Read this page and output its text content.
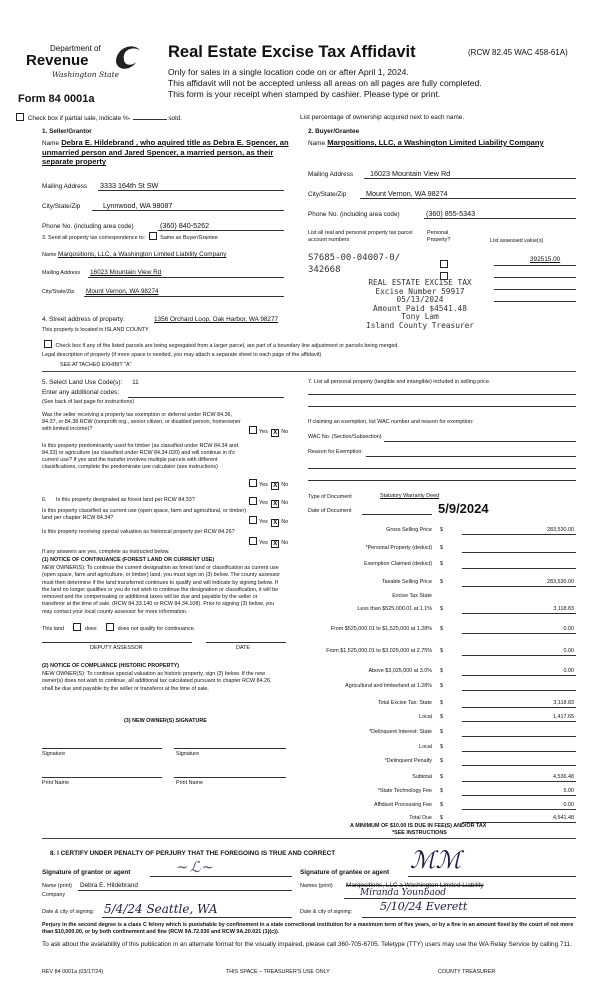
Department of
Revenue
Washington State
Form 84 0001a
Real Estate Excise Tax Affidavit	(RCW 82.45 WAC 458-61A)
Only for sales in a single location code on or after April 1, 2024.
This affidavit will not be accepted unless all areas on all pages are fully completed.
This form is your receipt when stamped by cashier. Please type or print.
Check box if partial sale, indicate %-	sold.	List percentage of ownership acquired next to each name.
1. Seller/Grantor
Name Debra E. Hildebrand , who aquired title as Debra E. Spencer, an unmarried person and Jared Spencer, a married person, as their separate property
Mailing Address 3333 164th St SW
City/State/Zip	Lynnwood, WA 98087
Phone No. (including area code)	(360) 840-5262
2. Buyer/Grantee
Name Marqositions, LLC, a Washington Limited Liability Company
Mailing Address 16023 Mountain View Rd
City/State/Zip	Mount Vernon, WA 98274
Phone No. (including area code)	(360) 855-5343
3. Send all property tax correspondence to:	Same as Buyer/Grantee
Name Marqositions, LLC, a Washington Limited Liability Company
Mailing Address 16023 Mountain View Rd
City/State/Zip Mount Vernon, WA 98274
List all real and personal property tax parcel account numbers
Personal Property?	List assessed value(s)
S7685-00-04007-0/
342668
392515.00
REAL ESTATE EXCISE TAX
Excise Number 59917
05/13/2024
Amount Paid $4541.48
Tony Lam
Island County Treasurer
4. Street address of property:	1356 Orchard Loop, Oak Harbor, WA 98277
This property is located in ISLAND COUNTY
Check box if any of the listed parcels are being segregated from a larger parcel, are part of a boundary line adjustment or parcels being merged.
Legal description of property (if more space is needed, you may attach a separate sheet to each page of the affidavit)
SEE ATTACHED EXHIBIT "A"
5. Select Land Use Code(s): 11
Enter any additional codes:
(See back of last page for instructions)
Was the seller receiving a property tax exemption or deferral under RCW 84.36, 84.37, or 84.38 RCW (nonprofit org., senior citizen, or disabled person, homeowner with limited income)?	Yes X No
Is this property predominantly used for timber (as classified under RCW 84.34 and 84.33) or agriculture (as classified under RCW 84.34.020) and will continue in it's current use? If yes and the transfer involves multiple parcels with different classifications, complete the predominate use calculator (see instructions)
Yes X No
6. Is this property designated as forest land per RCW 84.33?	Yes X No
Is this property classified as current use (open space, farm and agricultural, or timber) land per chapter RCW 84.34?
Yes X No
Is this property receiving special valuation as historical property per RCW 84.26?
Yes X No
If any answers are yes, complete as instructed below.
(1) NOTICE OF CONTINUANCE (FOREST LAND OR CURRENT USE)
NEW OWNER(S): To continue the current designation as forest land or classification as current use (open space, farm and agriculture, or timber) land, you must sign on (3) below. The county assessor must then determine if the land transferred continues to qualify and will indicate by signing below. If the land no longer qualifies or you do not wish to continue the designation or classification, it will be removed and the compensating or additional taxes will be due and payable by the seller or transferor at the time of sale. (RCW 84.33.140 or RCW 84.34.108). Prior to signing (3) below, you may contact your local county assessor for more information.
This land	does	does not qualify for continuance.
DEPUTY ASSESSOR	DATE
(2) NOTICE OF COMPLIANCE (HISTORIC PROPERTY)
NEW OWNER(S): To continue special valuation as historic property, sign (3) below. If the new owner(s) does not wish to continue, all additional tax calculated pursuant to chapter RCW 84.26, shall be due and payable by the seller or transferor at the time of sale.
(3) NEW OWNER(S) SIGNATURE
Signature	Signature
Print Name	Print Name
7. List all personal property (tangible and intangible) included in selling price.
If claiming an exemption, list WAC number and reason for exemption:
WAC No. (Section/Subsection)
Reason for Exemption:
Type of Document	Statutory Warranty Deed
Date of Document	5/9/2024
Gross Selling Price $	283,530.00
*Personal Property (deduct) $
Exemption Claimed (deduct) $
Taxable Selling Price $	283,530.00
Excise Tax State
Less than $525,000.01 at 1.1% $	3,118.83
From $525,000.01 to $1,525,000 at 1.28% $	0.00
From $1,525,000.01 to $3,025,000 at 2.75% $	0.00
Above $3,025,000 at 3.0% $	0.00
Agricultural and timberland at 1.28% $
Total Excise Tax: State $	3,118.83
Local $	1,417.65
*Delinquent Interest: State $
Local $
*Delinquent Penalty $
Subtotal $	4,536.48
*State Technology Fee $	5.00
Affidavit Processing Fee $	0.00
Total Due $	4,541.48
A MINIMUM OF $10.00 IS DUE IN FEE(S) AND/OR TAX
*SEE INSTRUCTIONS
8. I CERTIFY UNDER PENALTY OF PERJURY THAT THE FOREGOING IS TRUE AND CORRECT
Signature of grantor or agent	∼ℒ∼	Signature of grantee or agent ℳℳ
Name (print) Debra E. Hildebrand
Company
Names (print) Marqositions, LLC a Washington Limited Liability
Miranda Younbaod
Date & city of signing: 5/4/24 Seattle, WA	Date & city of signing:	5/10/24 Everett
Perjury in the second degree is a class C felony which is punishable by confinement in a state correctional institution for a maximum term of five years, or by a fine in an amount fixed by the court of not more than $10,000.00, or by both confinement and fine (RCW 9A.72.030 and RCW 9A.20.021 (1)(c)).
To ask about the availability of this publication in an alternate format for the visually impaired, please call 360-705-6705. Teletype (TTY) users may use the WA Relay Service by calling 711.
REV 84 0001a (03/17/24)	THIS SPACE – TREASURER'S USE ONLY	COUNTY TREASURER
